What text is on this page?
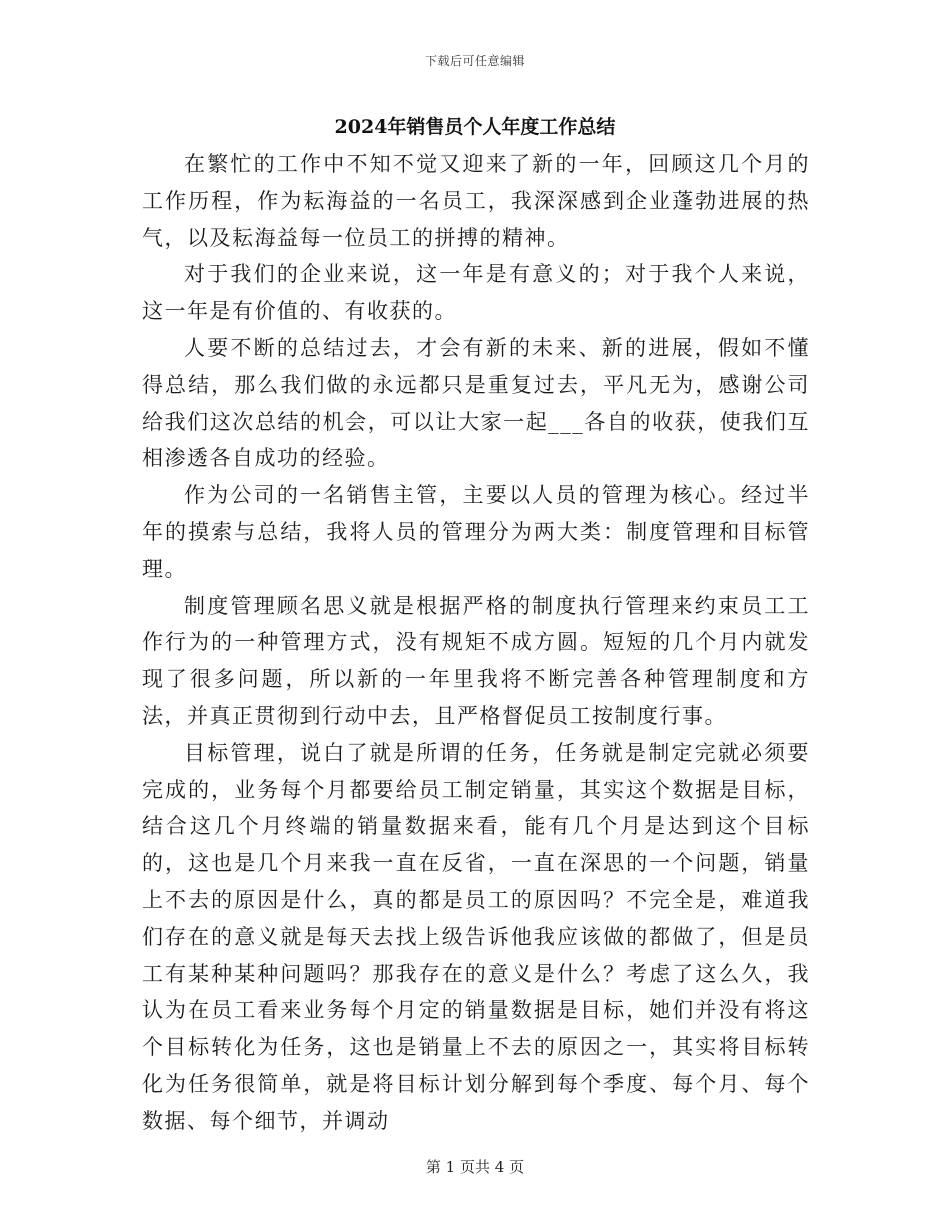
下载后可任意编辑
2024年销售员个人年度工作总结

在繁忙的工作中不知不觉又迎来了新的一年，回顾这几个月的工作历程，作为耘海益的一名员工，我深深感到企业蓬勃进展的热气，以及耘海益每一位员工的拼搏的精神。

对于我们的企业来说，这一年是有意义的；对于我个人来说，这一年是有价值的、有收获的。

人要不断的总结过去，才会有新的未来、新的进展，假如不懂得总结，那么我们做的永远都只是重复过去，平凡无为，感谢公司给我们这次总结的机会，可以让大家一起___各自的收获，使我们互相渗透各自成功的经验。

作为公司的一名销售主管，主要以人员的管理为核心。经过半年的摸索与总结，我将人员的管理分为两大类：制度管理和目标管理。

制度管理顾名思义就是根据严格的制度执行管理来约束员工工作行为的一种管理方式，没有规矩不成方圆。短短的几个月内就发现了很多问题，所以新的一年里我将不断完善各种管理制度和方法，并真正贯彻到行动中去，且严格督促员工按制度行事。

目标管理，说白了就是所谓的任务，任务就是制定完就必须要完成的，业务每个月都要给员工制定销量，其实这个数据是目标，结合这几个月终端的销量数据来看，能有几个月是达到这个目标的，这也是几个月来我一直在反省，一直在深思的一个问题，销量上不去的原因是什么，真的都是员工的原因吗？不完全是，难道我们存在的意义就是每天去找上级告诉他我应该做的都做了，但是员工有某种某种问题吗？那我存在的意义是什么？考虑了这么久，我认为在员工看来业务每个月定的销量数据是目标，她们并没有将这个目标转化为任务，这也是销量上不去的原因之一，其实将目标转化为任务很简单，就是将目标计划分解到每个季度、每个月、每个数据、每个细节，并调动

第 1 页共 4 页
